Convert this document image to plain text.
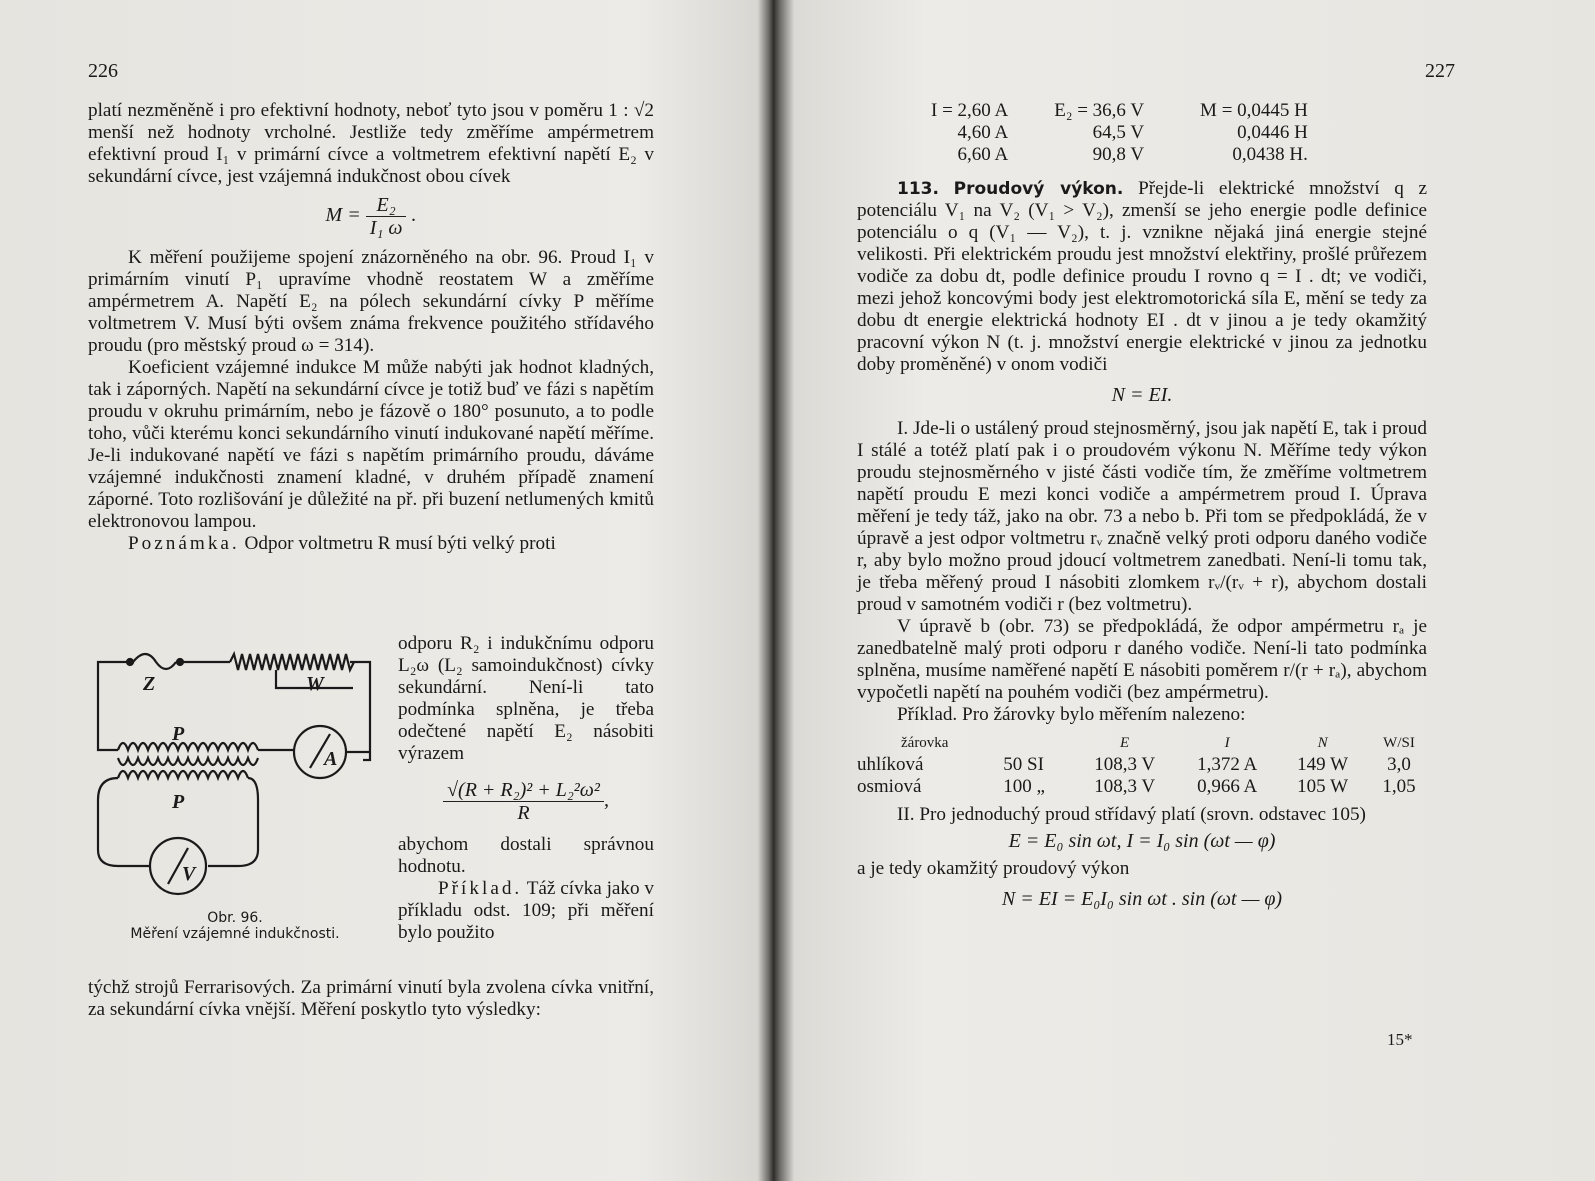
226

platí nezměněně i pro efektivní hodnoty, neboť tyto jsou v poměru 1 : √2 menší než hodnoty vrcholné. Jestliže tedy změříme ampérmetrem efektivní proud I₁ v primární cívce a voltmetrem efektivní napětí E₂ v sekundární cívce, jest vzájemná indukčnost obou cívek

$M = \frac{\text{E₂}}{\text{I₁ ω}}$ .

K měření použijeme spojení znázorněného na obr. 96. Proud I₁ v primárním vinutí P₁ upravíme vhodně reostatem W a změříme ampérmetrem A. Napětí E₂ na pólech sekundární cívky P měříme voltmetrem V. Musí býti ovšem známa frekvence použitého střídavého proudu (pro městský proud ω = 314).

Koeficient vzájemné indukce M může nabýti jak hodnot kladných, tak i záporných. Napětí na sekundární cívce je totiž buď ve fázi s napětím proudu v okruhu primárním, nebo je fázově o 180° posunuto, a to podle toho, vůči kterému konci sekundárního vinutí indukované napětí měříme. Je-li indukované napětí ve fázi s napětím primárního proudu, dáváme vzájemné indukčnosti znamení kladné, v druhém případě znamení záporné. Toto rozlišování je důležité na př. při buzení netlumených kmitů elektronovou lampou.

Poznámka. Odpor voltmetru R musí býti velký proti

Z	W
P
P
A
V
Obr. 96.
Měření vzájemné indukčnosti.

odporu R₂ i indukčnímu odporu L₂ω (L₂ samoindukčnost) cívky sekundární. Není-li tato podmínka splněna, je třeba odečtené napětí E₂ násobiti výrazem

$\frac{\text{√(R + R₂)² + L₂²ω²}}{R}$ ,

abychom dostali správnou hodnotu.

Příklad. Táž cívka jako v příkladu odst. 109; při měření bylo použito

týchž strojů Ferrarisových. Za primární vinutí byla zvolena cívka vnitřní, za sekundární cívka vnější. Měření poskytlo tyto výsledky:

227
I = 2,60 A	E₂ = 36,6 V	M = 0,0445 H
4,60 A	64,5 V	0,0446 H
6,60 A	90,8 V	0,0438 H.

113. Proudový výkon. Přejde-li elektrické množství q z potenciálu V₁ na V₂ (V₁ > V₂), zmenší se jeho energie podle definice potenciálu o q (V₁ — V₂), t. j. vznikne nějaká jiná energie stejné velikosti. Při elektrickém proudu jest množství elektřiny, prošlé průřezem vodiče za dobu dt, podle definice proudu I rovno q = I . dt; ve vodiči, mezi jehož koncovými body jest elektromotorická síla E, mění se tedy za dobu dt energie elektrická hodnoty EI . dt v jinou a je tedy okamžitý pracovní výkon N (t. j. množství energie elektrické v jinou za jednotku doby proměněné) v onom vodiči

N = EI.

I. Jde-li o ustálený proud stejnosměrný, jsou jak napětí E, tak i proud I stálé a totéž platí pak i o proudovém výkonu N. Měříme tedy výkon proudu stejnosměrného v jisté části vodiče tím, že změříme voltmetrem napětí proudu E mezi konci vodiče a ampérmetrem proud I. Úprava měření je tedy táž, jako na obr. 73 a nebo b. Při tom se předpokládá, že v úpravě a jest odpor voltmetru rᵥ značně velký proti odporu daného vodiče r, aby bylo možno proud jdoucí voltmetrem zanedbati. Není-li tomu tak, je třeba měřený proud I násobiti zlomkem rᵥ/(rᵥ + r), abychom dostali proud v samotném vodiči r (bez voltmetru).

V úpravě b (obr. 73) se předpokládá, že odpor ampérmetru rₐ je zanedbatelně malý proti odporu r daného vodiče. Není-li tato podmínka splněna, musíme naměřené napětí E násobiti poměrem r/(r + rₐ), abychom vypočetli napětí na pouhém vodiči (bez ampérmetru).

Příklad. Pro žárovky bylo měřením nalezeno:

žárovka		E	I	N	W/SI
uhlíková	50 SI	108,3 V	1,372 A	149 W	3,0
osmiová	100 „	108,3 V	0,966 A	105 W	1,05

II. Pro jednoduchý proud střídavý platí (srovn. odstavec 105)

E = E₀ sin ωt, I = I₀ sin (ωt — φ)

a je tedy okamžitý proudový výkon

N = EI = E₀I₀ sin ωt . sin (ωt — φ)
15*
